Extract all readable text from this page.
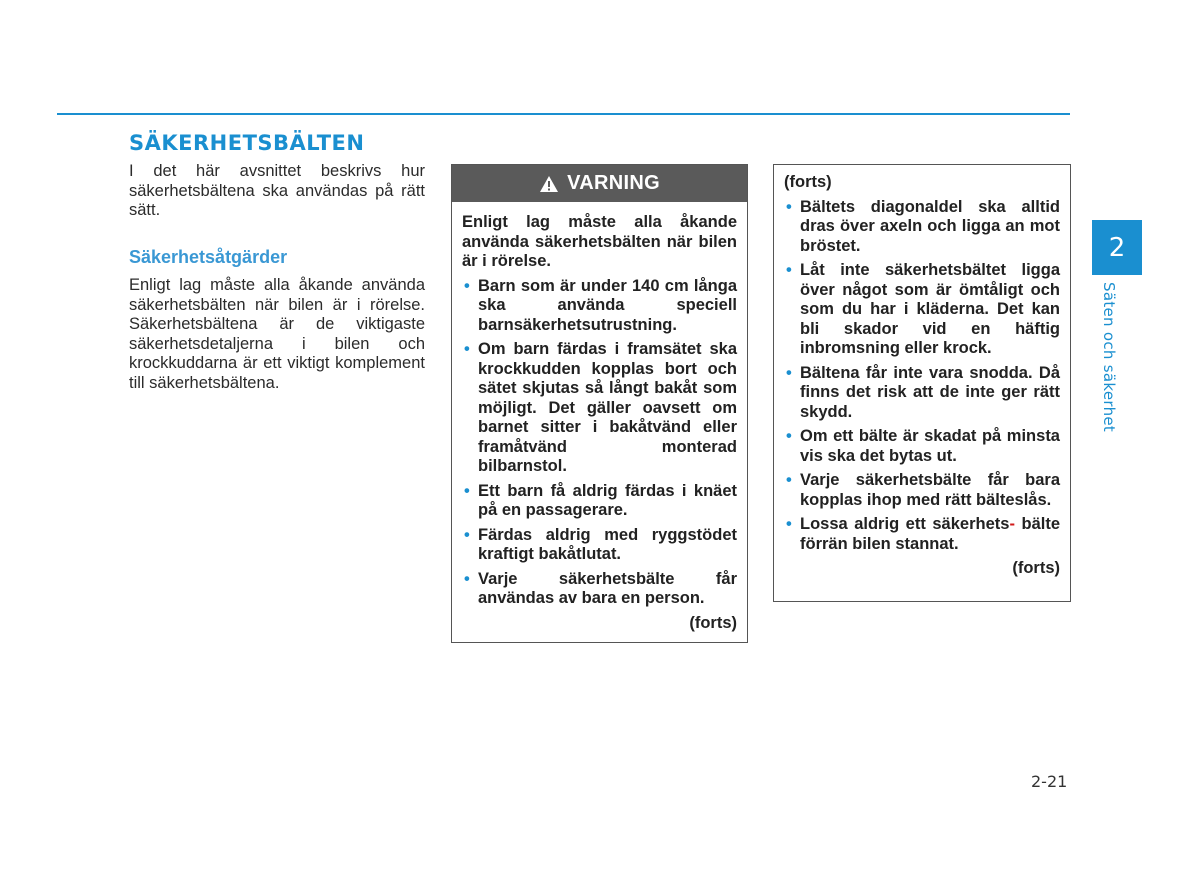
SÄKERHETSBÄLTEN

I det här avsnittet beskrivs hur säkerhetsbältena ska användas på rätt sätt.

Säkerhetsåtgärder

Enligt lag måste alla åkande använda säkerhetsbälten när bilen är i rörelse. Säkerhetsbältena är de viktigaste säkerhetsdetaljerna i bilen och krockkuddarna är ett viktigt komplement till säkerhetsbältena.

VARNING

Enligt lag måste alla åkande använda säkerhetsbälten när bilen är i rörelse.

• Barn som är under 140 cm långa ska använda speciell barnsäkerhetsutrustning.
• Om barn färdas i framsätet ska krockkudden kopplas bort och sätet skjutas så långt bakåt som möjligt. Det gäller oavsett om barnet sitter i bakåtvänd eller framåtvänd monterad bilbarnstol.
• Ett barn få aldrig färdas i knäet på en passagerare.
• Färdas aldrig med ryggstödet kraftigt bakåtlutat.
• Varje säkerhetsbälte får användas av bara en person.
(forts)

(forts)

• Bältets diagonaldel ska alltid dras över axeln och ligga an mot bröstet.
• Låt inte säkerhetsbältet ligga över något som är ömtåligt och som du har i kläderna. Det kan bli skador vid en häftig inbromsning eller krock.
• Bältena får inte vara snodda. Då finns det risk att de inte ger rätt skydd.
• Om ett bälte är skadat på minsta vis ska det bytas ut.
• Varje säkerhetsbälte får bara kopplas ihop med rätt bälteslås.
• Lossa aldrig ett säkerhets- bälte förrän bilen stannat.
(forts)
2
Säten och säkerhet
2-21
